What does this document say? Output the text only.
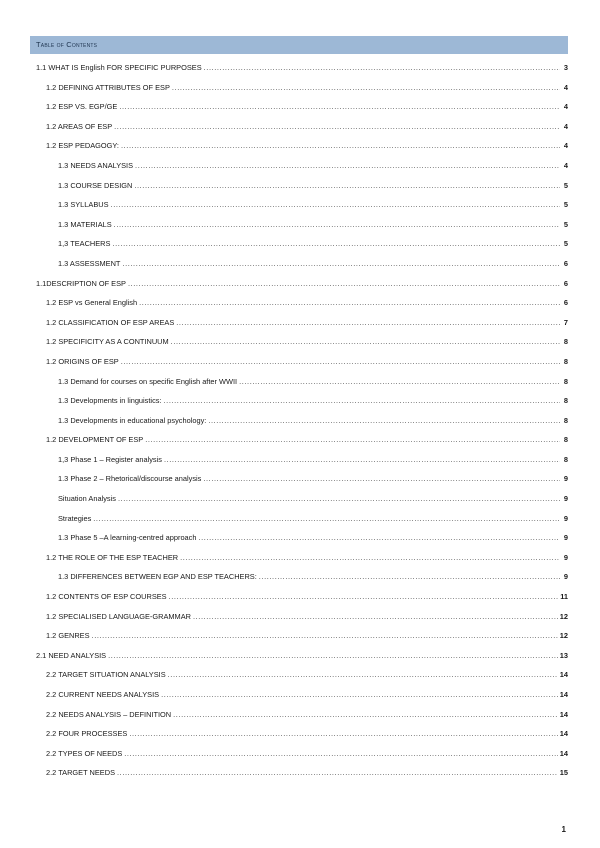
Table of Contents
1.1 WHAT IS English FOR SPECIFIC PURPOSES .....	3
1.2 DEFINING ATTRIBUTES OF ESP .....	4
1.2 ESP VS. EGP/GE .....	4
1.2 AREAS OF ESP .....	4
1.2 ESP PEDAGOGY: .....	4
1.3 NEEDS ANALYSIS .....	4
1.3 COURSE DESIGN .....	5
1.3 SYLLABUS .....	5
1.3 MATERIALS .....	5
1,3 TEACHERS .....	5
1.3 ASSESSMENT .....	6
1.1DESCRIPTION OF ESP .....	6
1.2 ESP vs General English .....	6
1.2 CLASSIFICATION OF ESP AREAS .....	7
1.2 SPECIFICITY AS A CONTINUUM .....	8
1.2 ORIGINS OF ESP .....	8
1.3 Demand for courses on specific English after WWII .....	8
1.3 Developments in linguistics: .....	8
1.3 Developments in educational psychology: .....	8
1.2 DEVELOPMENT OF ESP .....	8
1,3 Phase 1 – Register analysis .....	8
1.3 Phase 2 – Rhetorical/discourse analysis .....	9
Situation Analysis .....	9
Strategies .....	9
1.3 Phase 5 –A learning-centred approach .....	9
1.2 THE ROLE OF THE ESP TEACHER .....	9
1.3 DIFFERENCES BETWEEN EGP AND ESP TEACHERS: .....	9
1.2 CONTENTS OF ESP COURSES .....	11
1.2 SPECIALISED LANGUAGE-GRAMMAR .....	12
1.2 GENRES .....	12
2.1 NEED ANALYSIS .....	13
2.2 TARGET SITUATION ANALYSIS .....	14
2.2 CURRENT NEEDS ANALYSIS .....	14
2.2 NEEDS ANALYSIS – DEFINITION .....	14
2.2 FOUR PROCESSES .....	14
2.2 TYPES OF NEEDS .....	14
2.2 TARGET NEEDS .....	15
1
